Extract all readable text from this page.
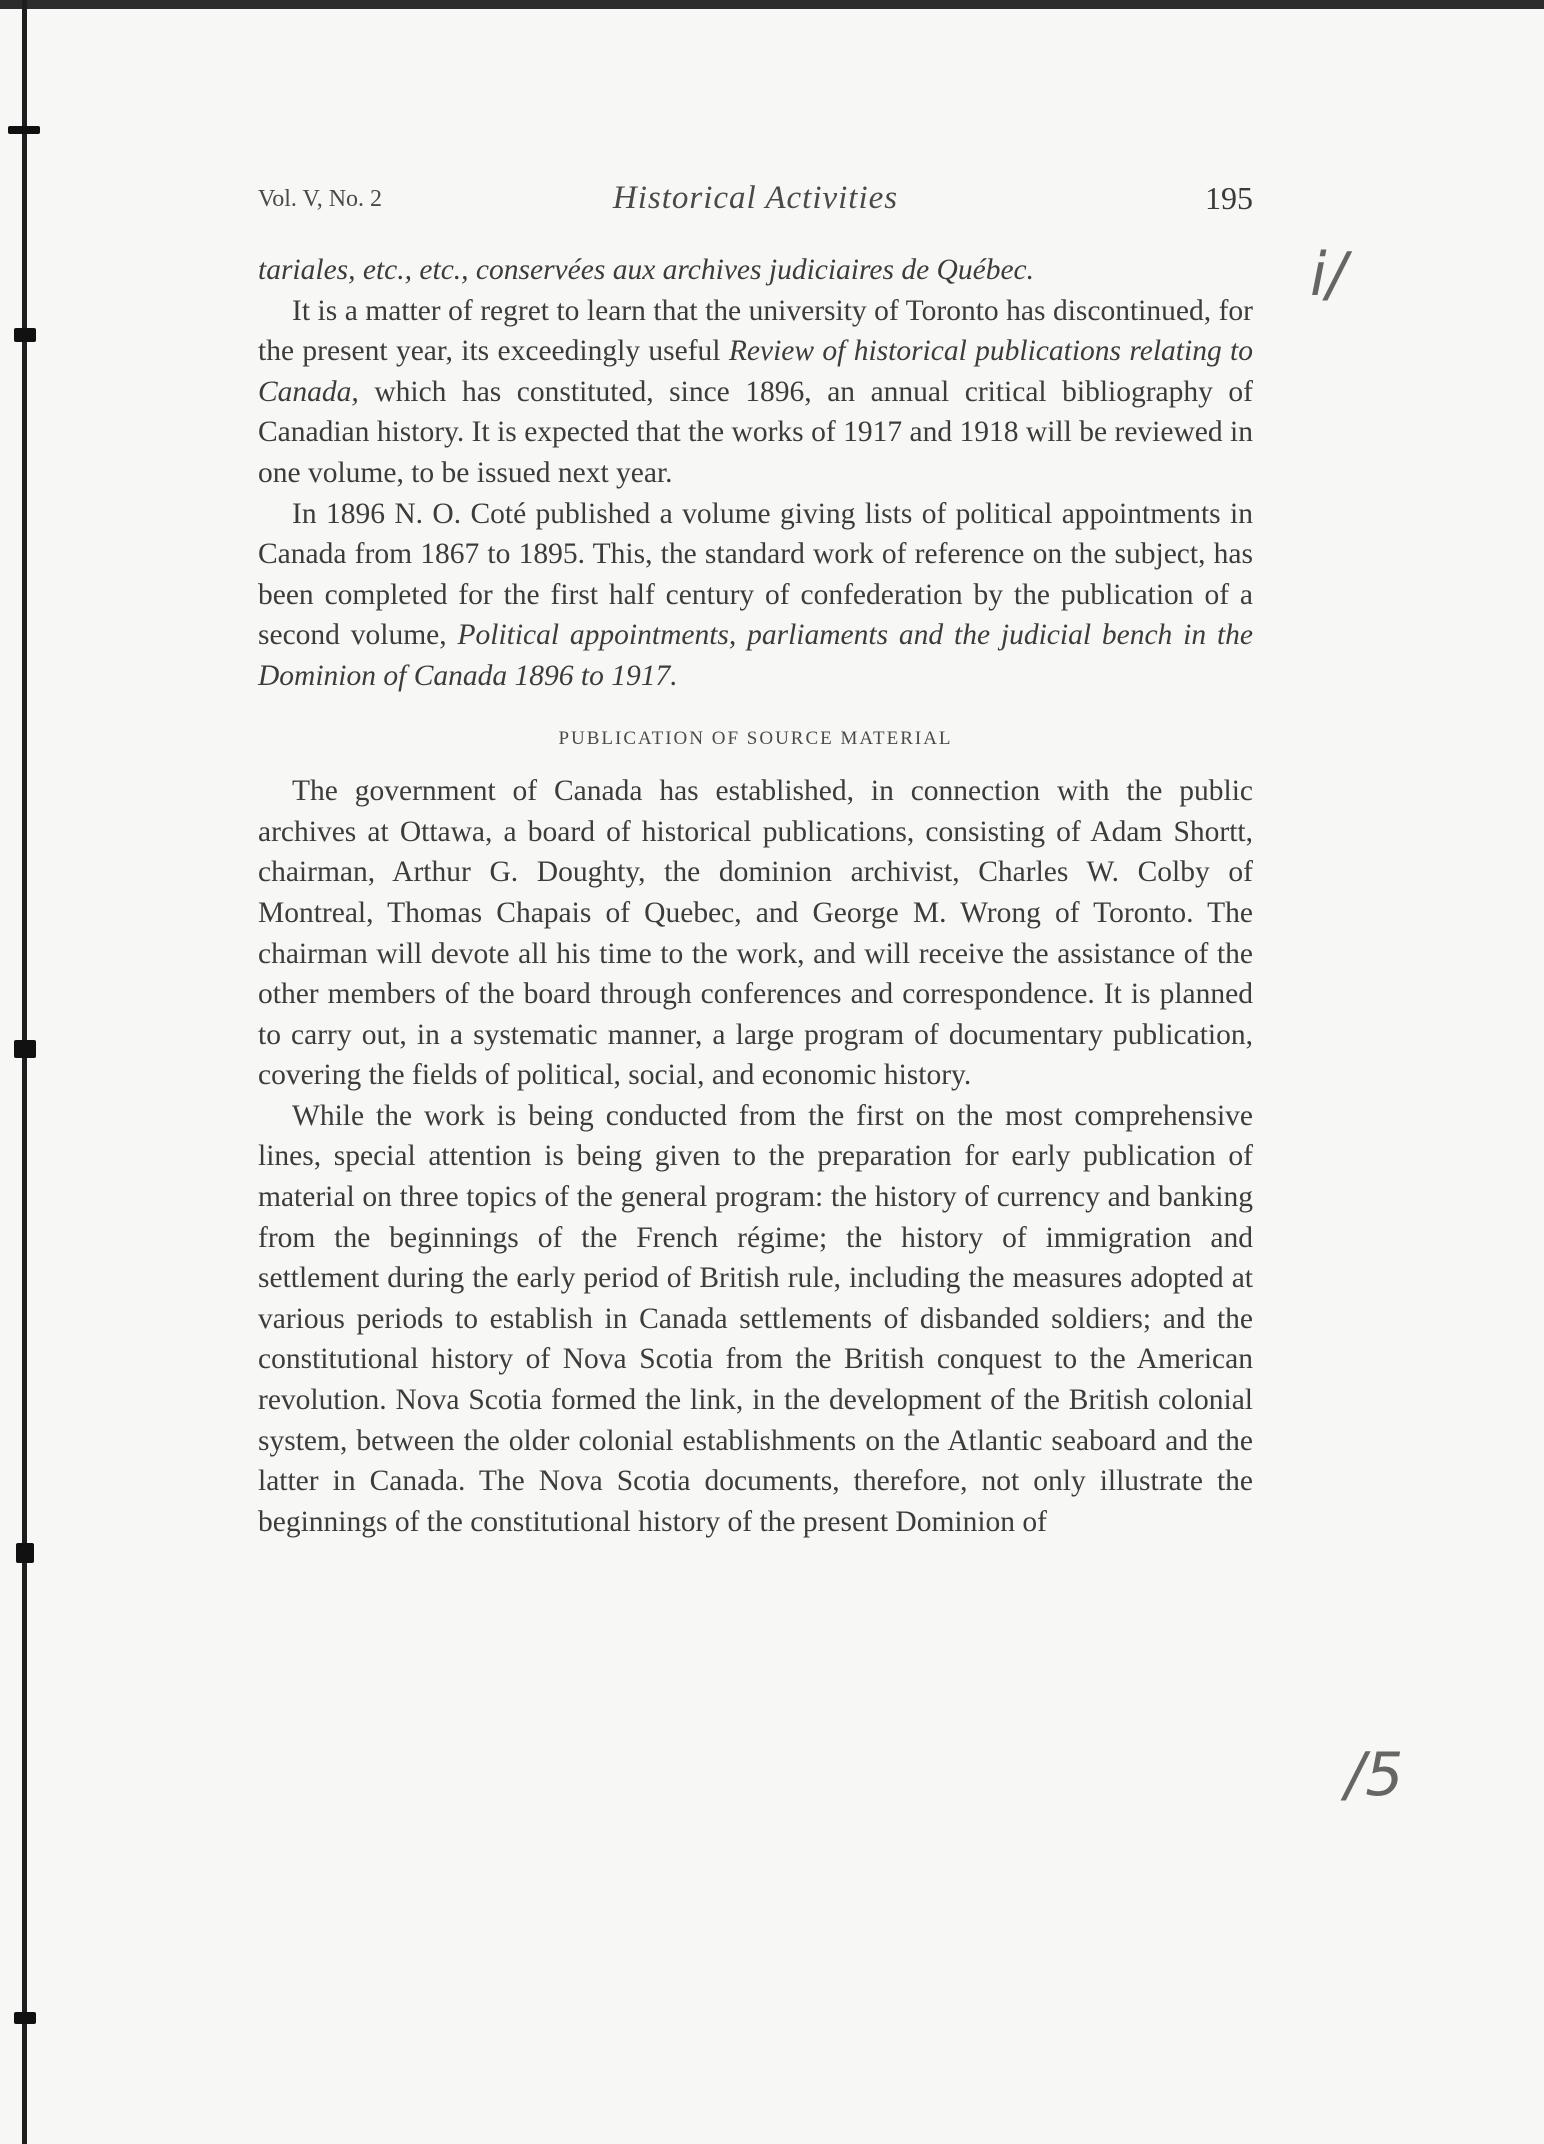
Vol. V, No. 2	Historical Activities	195

tariales, etc., etc., conservées aux archives judiciaires de Québec.

It is a matter of regret to learn that the university of Toronto has discontinued, for the present year, its exceedingly useful Review of historical publications relating to Canada, which has constituted, since 1896, an annual critical bibliography of Canadian history. It is expected that the works of 1917 and 1918 will be reviewed in one volume, to be issued next year.

In 1896 N. O. Coté published a volume giving lists of political appointments in Canada from 1867 to 1895. This, the standard work of reference on the subject, has been completed for the first half century of confederation by the publication of a second volume, Political appointments, parliaments and the judicial bench in the Dominion of Canada 1896 to 1917.

PUBLICATION OF SOURCE MATERIAL

The government of Canada has established, in connection with the public archives at Ottawa, a board of historical publications, consisting of Adam Shortt, chairman, Arthur G. Doughty, the dominion archivist, Charles W. Colby of Montreal, Thomas Chapais of Quebec, and George M. Wrong of Toronto. The chairman will devote all his time to the work, and will receive the assistance of the other members of the board through conferences and correspondence. It is planned to carry out, in a systematic manner, a large program of documentary publication, covering the fields of political, social, and economic history.

While the work is being conducted from the first on the most comprehensive lines, special attention is being given to the preparation for early publication of material on three topics of the general program: the history of currency and banking from the beginnings of the French régime; the history of immigration and settlement during the early period of British rule, including the measures adopted at various periods to establish in Canada settlements of disbanded soldiers; and the constitutional history of Nova Scotia from the British conquest to the American revolution. Nova Scotia formed the link, in the development of the British colonial system, between the older colonial establishments on the Atlantic seaboard and the latter in Canada. The Nova Scotia documents, therefore, not only illustrate the beginnings of the constitutional history of the present Dominion of

i/
/5
